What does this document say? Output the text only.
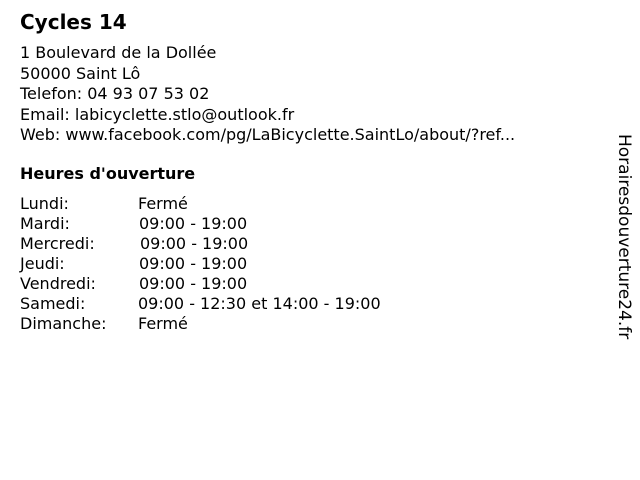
Cycles 14
1 Boulevard de la Dollée
50000 Saint Lô
Telefon: 04 93 07 53 02
Email: labicyclette.stlo@outlook.fr
Web: www.facebook.com/pg/LaBicyclette.SaintLo/about/?ref...
Heures d'ouverture
Lundi:	Fermé
Mardi:	09:00 - 19:00
Mercredi:	09:00 - 19:00
Jeudi:	09:00 - 19:00
Vendredi:	09:00 - 19:00
Samedi:	09:00 - 12:30 et 14:00 - 19:00
Dimanche: Fermé	Horairesdouverture24.fr
